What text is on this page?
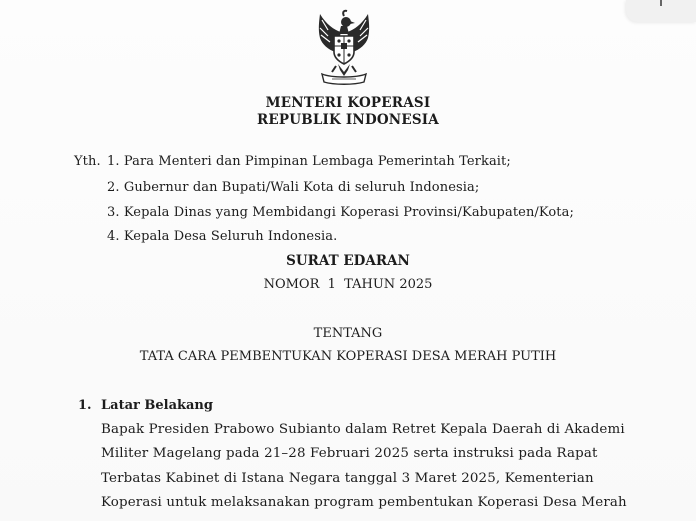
MENTERI KOPERASI
REPUBLIK INDONESIA
Yth. 1. Para Menteri dan Pimpinan Lembaga Pemerintah Terkait;
2. Gubernur dan Bupati/Wali Kota di seluruh Indonesia;
3. Kepala Dinas yang Membidangi Koperasi Provinsi/Kabupaten/Kota;
4. Kepala Desa Seluruh Indonesia.
SURAT EDARAN
NOMOR  1  TAHUN 2025
TENTANG
TATA CARA PEMBENTUKAN KOPERASI DESA MERAH PUTIH
1. Latar Belakang
Bapak Presiden Prabowo Subianto dalam Retret Kepala Daerah di Akademi
Militer Magelang pada 21–28 Februari 2025 serta instruksi pada Rapat
Terbatas Kabinet di Istana Negara tanggal 3 Maret 2025, Kementerian
Koperasi untuk melaksanakan program pembentukan Koperasi Desa Merah
